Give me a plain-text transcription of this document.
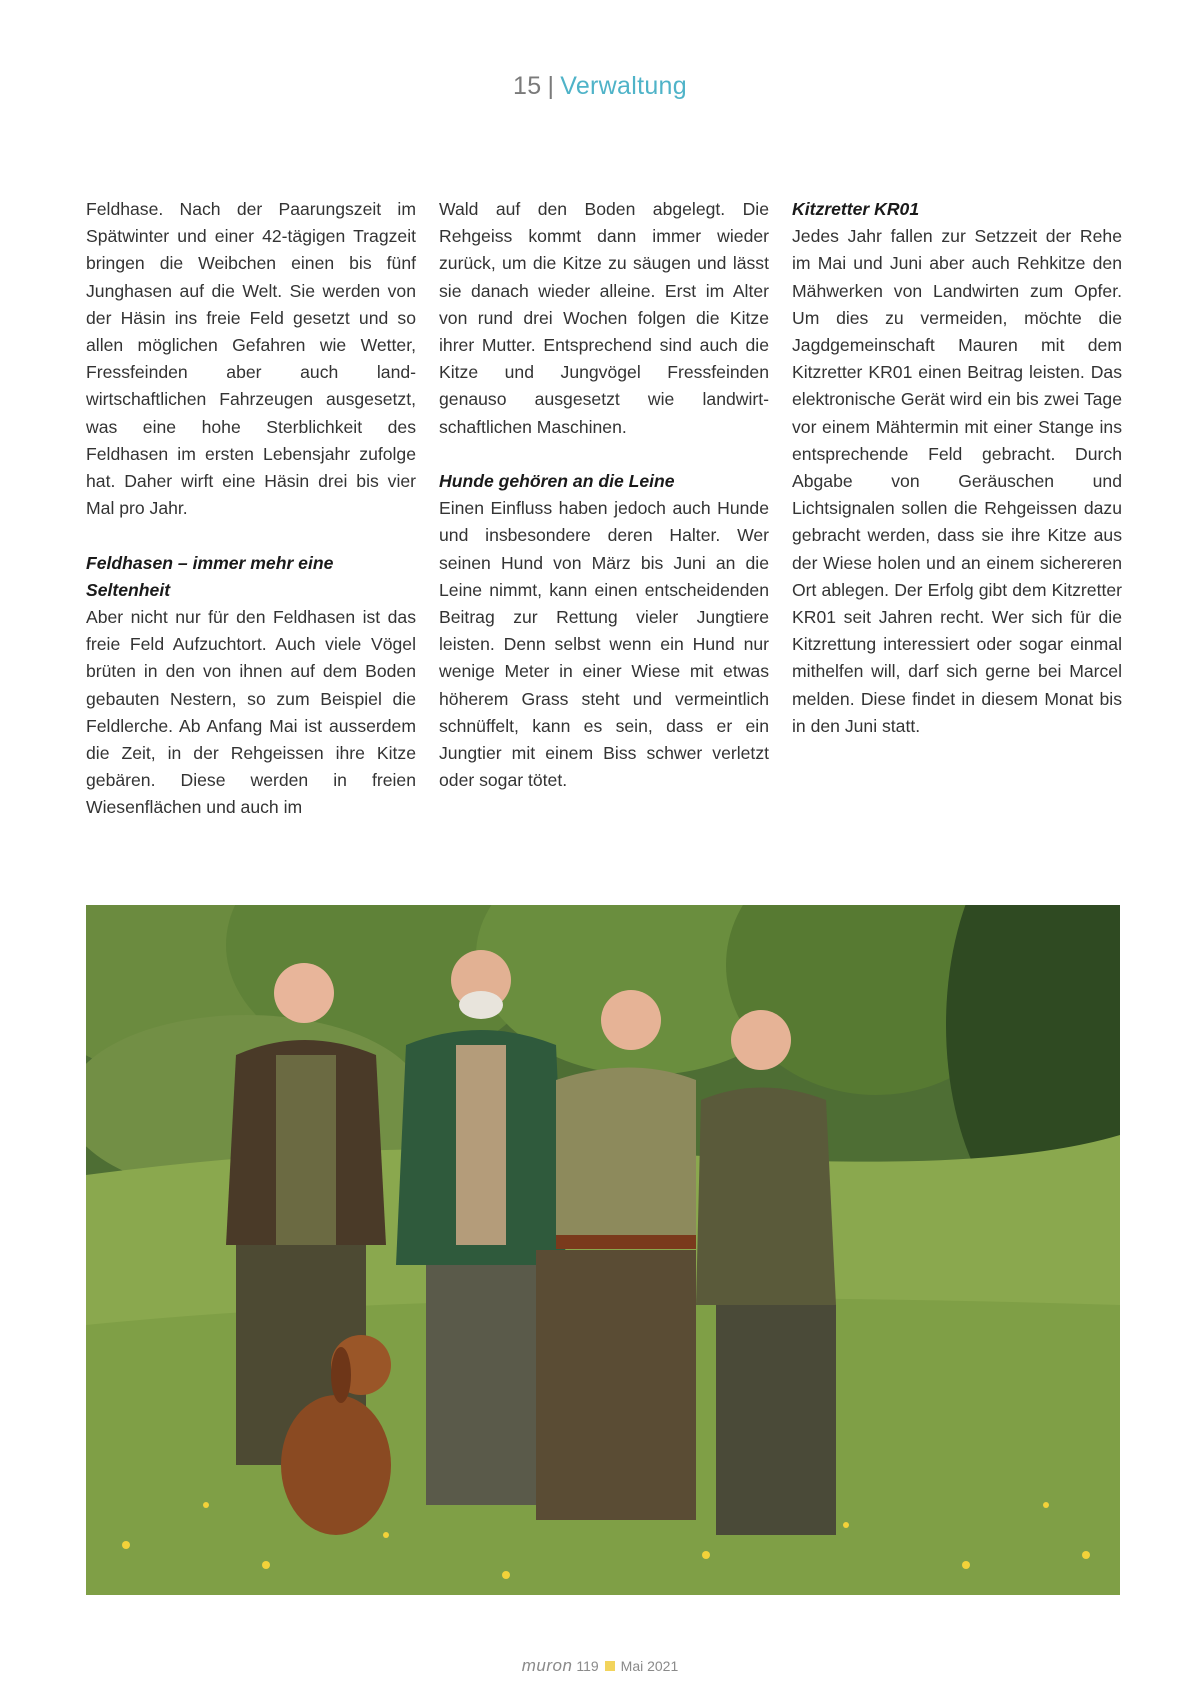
15 | Verwaltung

Feldhase. Nach der Paarungszeit im Spätwinter und einer 42-tägigen Tragzeit bringen die Weibchen einen bis fünf Junghasen auf die Welt. Sie werden von der Häsin ins freie Feld gesetzt und so allen möglichen Gefahren wie Wetter, Fressfeinden aber auch landwirtschaftlichen Fahrzeugen ausgesetzt, was eine hohe Sterblichkeit des Feldhasen im ersten Lebensjahr zufolge hat. Daher wirft eine Häsin drei bis vier Mal pro Jahr.

Feldhasen – immer mehr eine Seltenheit

Aber nicht nur für den Feldhasen ist das freie Feld Aufzuchtort. Auch viele Vögel brüten in den von ihnen auf dem Boden gebauten Nestern, so zum Beispiel die Feldlerche. Ab Anfang Mai ist ausserdem die Zeit, in der Rehgeissen ihre Kitze gebären. Diese werden in freien Wiesenflächen und auch im

Wald auf den Boden abgelegt. Die Rehgeiss kommt dann immer wieder zurück, um die Kitze zu säugen und lässt sie danach wieder alleine. Erst im Alter von rund drei Wochen folgen die Kitze ihrer Mutter. Entsprechend sind auch die Kitze und Jungvögel Fressfeinden genauso ausgesetzt wie landwirtschaftlichen Maschinen.

Hunde gehören an die Leine

Einen Einfluss haben jedoch auch Hunde und insbesondere deren Halter. Wer seinen Hund von März bis Juni an die Leine nimmt, kann einen entscheidenden Beitrag zur Rettung vieler Jungtiere leisten. Denn selbst wenn ein Hund nur wenige Meter in einer Wiese mit etwas höherem Grass steht und vermeintlich schnüffelt, kann es sein, dass er ein Jungtier mit einem Biss schwer verletzt oder sogar tötet.

Kitzretter KR01

Jedes Jahr fallen zur Setzzeit der Rehe im Mai und Juni aber auch Rehkitze den Mähwerken von Landwirten zum Opfer. Um dies zu vermeiden, möchte die Jagdgemeinschaft Mauren mit dem Kitzretter KR01 einen Beitrag leisten. Das elektronische Gerät wird ein bis zwei Tage vor einem Mähtermin mit einer Stange ins entsprechende Feld gebracht. Durch Abgabe von Geräuschen und Lichtsignalen sollen die Rehgeissen dazu gebracht werden, dass sie ihre Kitze aus der Wiese holen und an einem sichereren Ort ablegen. Der Erfolg gibt dem Kitzretter KR01 seit Jahren recht. Wer sich für die Kitzrettung interessiert oder sogar einmal mithelfen will, darf sich gerne bei Marcel melden. Diese findet in diesem Monat bis in den Juni statt.

muron 119 Mai 2021
